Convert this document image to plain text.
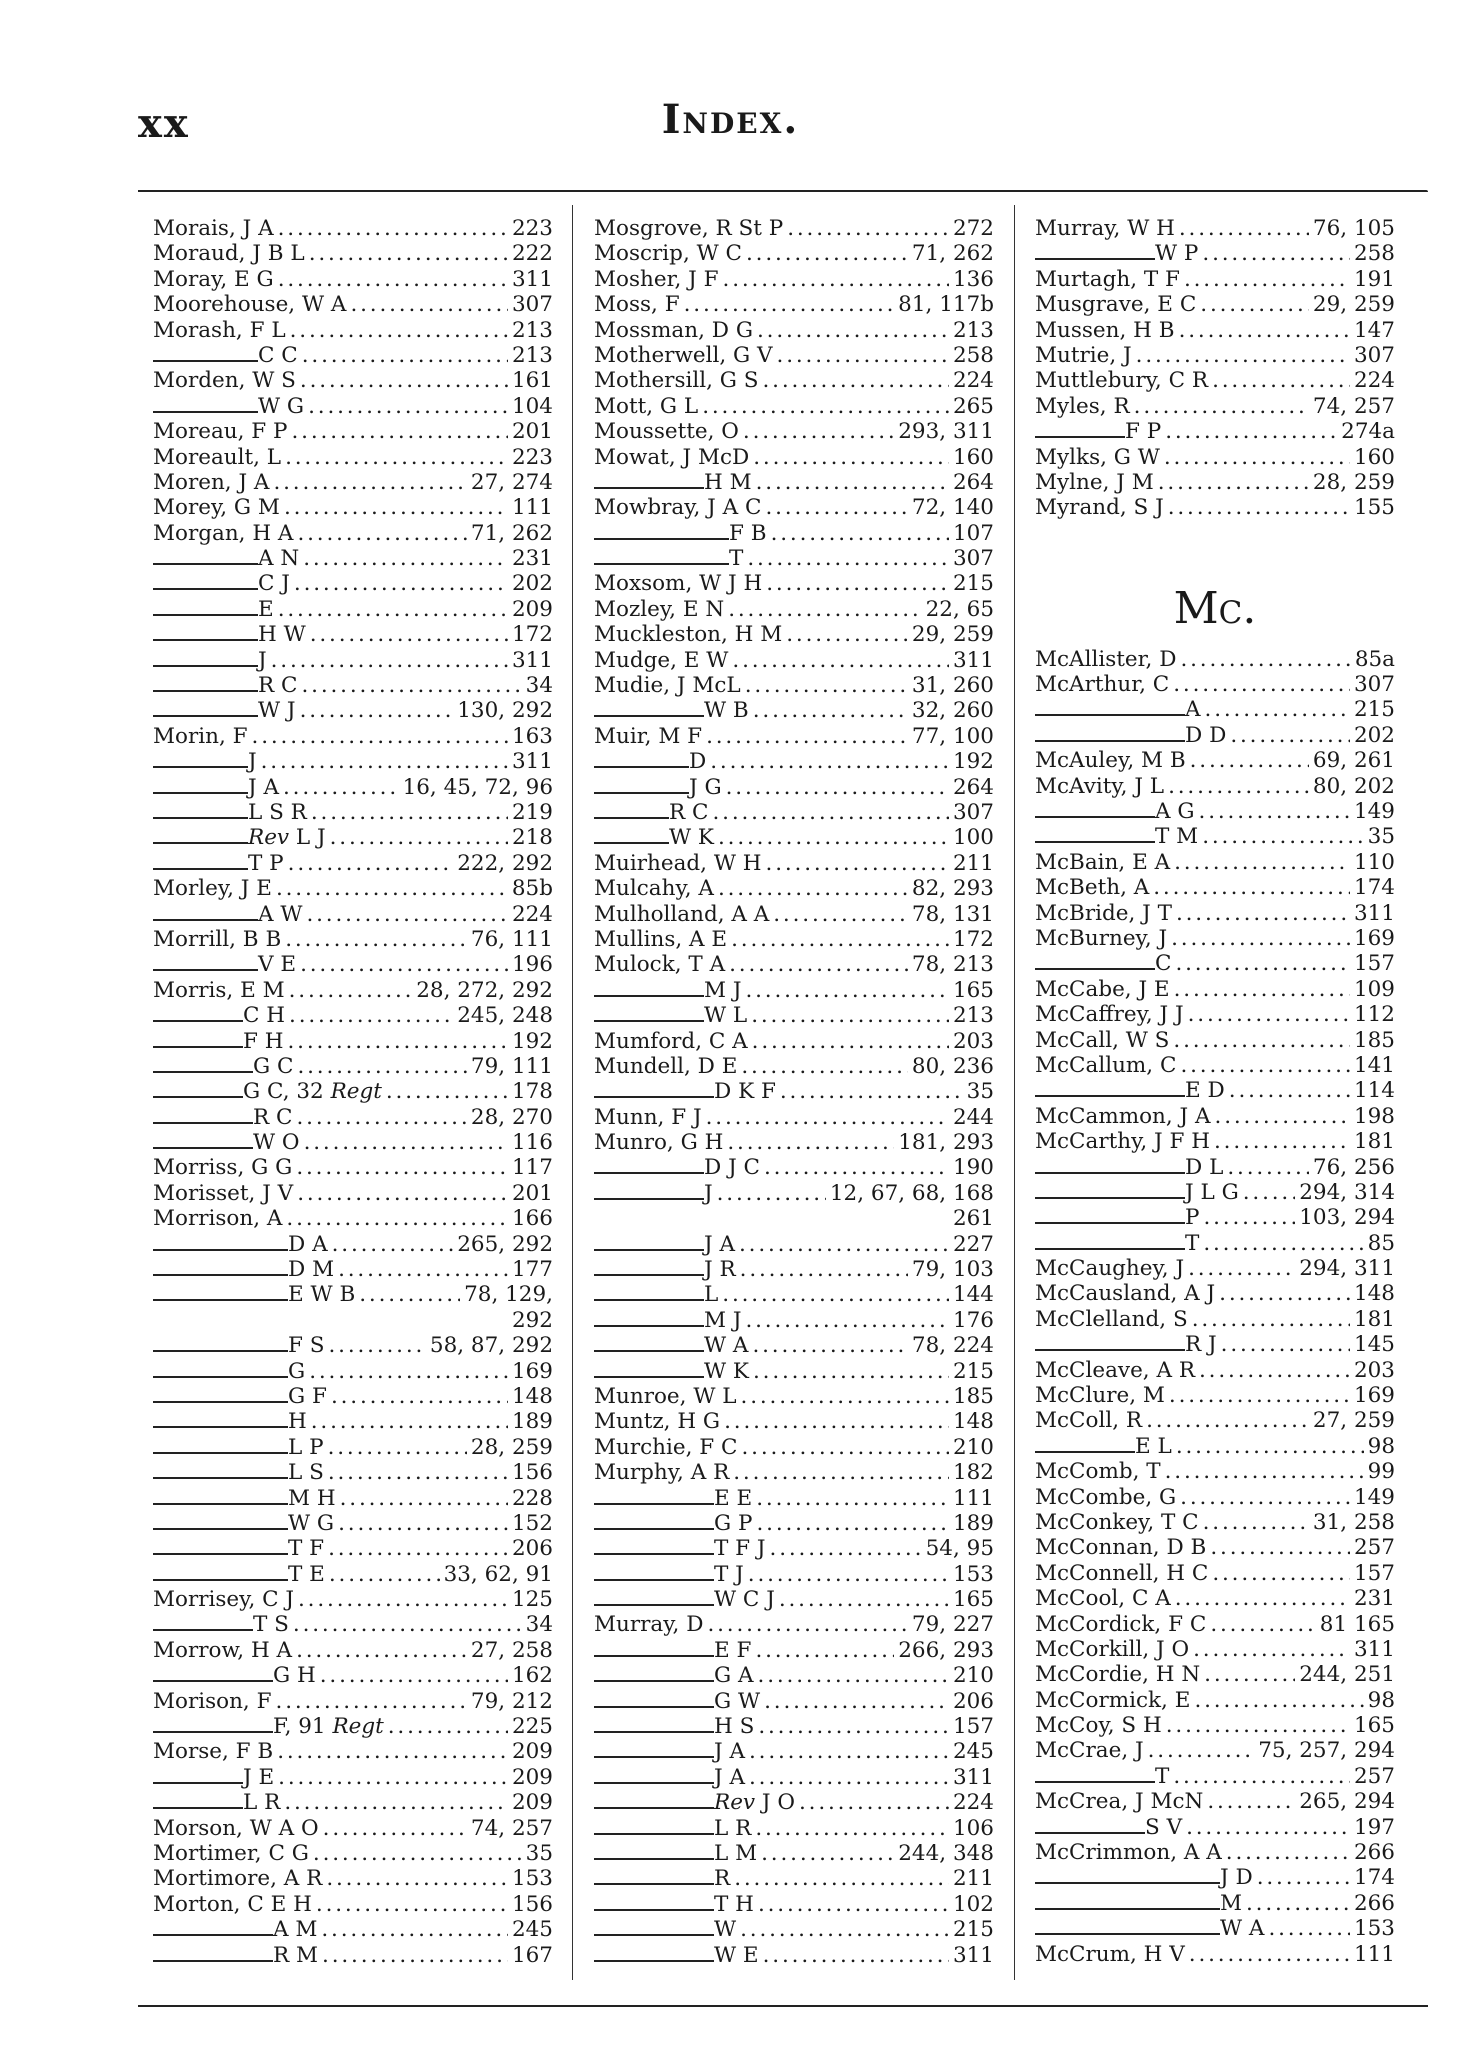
xx	Index.
Morais, J A . . .	223
Moraud, J B L . . .	222
Moray, E G . . .	311
Moorehouse, W A . . .	307
Morash, F L . . .	213
C C . . .	213
Morden, W S . . .	161
W G . . .	104
Moreau, F P . . .	201
Moreault, L . . .	223
Moren, J A . . .	27, 274
Morey, G M . . .	111
Morgan, H A . . .	71, 262
A N . . .	231
C J . . .	202
E . . .	209
H W . . .	172
J . . .	311
R C . . .	34
W J . . .	130, 292
Morin, F . . .	163
J . . .	311
J A . . .	16, 45, 72, 96
L S R . . .	219
Rev L J . . .	218
T P . . .	222, 292
Morley, J E . . .	85b
A W . . .	224
Morrill, B B . . .	76, 111
V E . . .	196
Morris, E M . . .	28, 272, 292
C H . . .	245, 248
F H . . .	192
G C . . .	79, 111
G C, 32 Regt . . .	178
R C . . .	28, 270
W O . . .	116
Morriss, G G . . .	117
Morisset, J V . . .	201
Morrison, A . . .	166
D A . . .	265, 292
D M . . .	177
E W B . . .	78, 129,
292
F S . . .	58, 87, 292
G . . .	169
G F . . .	148
H . . .	189
L P . . .	28, 259
L S . . .	156
M H . . .	228
W G . . .	152
T F . . .	206
T E . . .	33, 62, 91
Morrisey, C J . . .	125
T S . . .	34
Morrow, H A . . .	27, 258
G H . . .	162
Morison, F . . .	79, 212
F, 91 Regt . . .	225
Morse, F B . . .	209
J E . . .	209
L R . . .	209
Morson, W A O . . .	74, 257
Mortimer, C G . . .	35
Mortimore, A R . . .	153
Morton, C E H . . .	156
A M . . .	245
R M . . .	167
Mosgrove, R St P . . .	272
Moscrip, W C . . .	71, 262
Mosher, J F . . .	136
Moss, F . . .	81, 117b
Mossman, D G . . .	213
Motherwell, G V . . .	258
Mothersill, G S . . .	224
Mott, G L . . .	265
Moussette, O . . .	293, 311
Mowat, J McD . . .	160
H M . . .	264
Mowbray, J A C . . .	72, 140
F B . . .	107
T . . .	307
Moxsom, W J H . . .	215
Mozley, E N . . .	22, 65
Muckleston, H M . . .	29, 259
Mudge, E W . . .	311
Mudie, J McL . . .	31, 260
W B . . .	32, 260
Muir, M F . . .	77, 100
D . . .	192
J G . . .	264
R C . . .	307
W K . . .	100
Muirhead, W H . . .	211
Mulcahy, A . . .	82, 293
Mulholland, A A . . .	78, 131
Mullins, A E . . .	172
Mulock, T A . . .	78, 213
M J . . .	165
W L . . .	213
Mumford, C A . . .	203
Mundell, D E . . .	80, 236
D K F . . .	35
Munn, F J . . .	244
Munro, G H . . .	181, 293
D J C . . .	190
J . . .	12, 67, 68, 168
261
J A . . .	227
J R . . .	79, 103
L . . .	144
M J . . .	176
W A . . .	78, 224
W K . . .	215
Munroe, W L . . .	185
Muntz, H G . . .	148
Murchie, F C . . .	210
Murphy, A R . . .	182
E E . . .	111
G P . . .	189
T F J . . .	54, 95
T J . . .	153
W C J . . .	165
Murray, D . . .	79, 227
E F . . .	266, 293
G A . . .	210
G W . . .	206
H S . . .	157
J A . . .	245
J A . . .	311
Rev J O . . .	224
L R . . .	106
L M . . .	244, 348
R . . .	211
T H . . .	102
W . . .	215
W E . . .	311
Murray, W H . . .	76, 105
W P . . .	258
Murtagh, T F . . .	191
Musgrave, E C . . .	29, 259
Mussen, H B . . .	147
Mutrie, J . . .	307
Muttlebury, C R . . .	224
Myles, R . . .	74, 257
F P . . .	274a
Mylks, G W . . .	160
Mylne, J M . . .	28, 259
Myrand, S J . . .	155
Mc.
McAllister, D . . .	85a
McArthur, C . . .	307
A . . .	215
D D . . .	202
McAuley, M B . . .	69, 261
McAvity, J L . . .	80, 202
A G . . .	149
T M . . .	35
McBain, E A . . .	110
McBeth, A . . .	174
McBride, J T . . .	311
McBurney, J . . .	169
C . . .	157
McCabe, J E . . .	109
McCaffrey, J J . . .	112
McCall, W S . . .	185
McCallum, C . . .	141
E D . . .	114
McCammon, J A . . .	198
McCarthy, J F H . . .	181
D L . . .	76, 256
J L G . . .	294, 314
P . . .	103, 294
T . . .	85
McCaughey, J . . .	294, 311
McCausland, A J . . .	148
McClelland, S . . .	181
R J . . .	145
McCleave, A R . . .	203
McClure, M . . .	169
McColl, R . . .	27, 259
E L . . .	98
McComb, T . . .	99
McCombe, G . . .	149
McConkey, T C . . .	31, 258
McConnan, D B . . .	257
McConnell, H C . . .	157
McCool, C A . . .	231
McCordick, F C . . .	81 165
McCorkill, J O . . .	311
McCordie, H N . . .	244, 251
McCormick, E . . .	98
McCoy, S H . . .	165
McCrae, J . . .	75, 257, 294
T . . .	257
McCrea, J McN . . .	265, 294
S V . . .	197
McCrimmon, A A . . .	266
J D . . .	174
M . . .	266
W A . . .	153
McCrum, H V . . .	111
